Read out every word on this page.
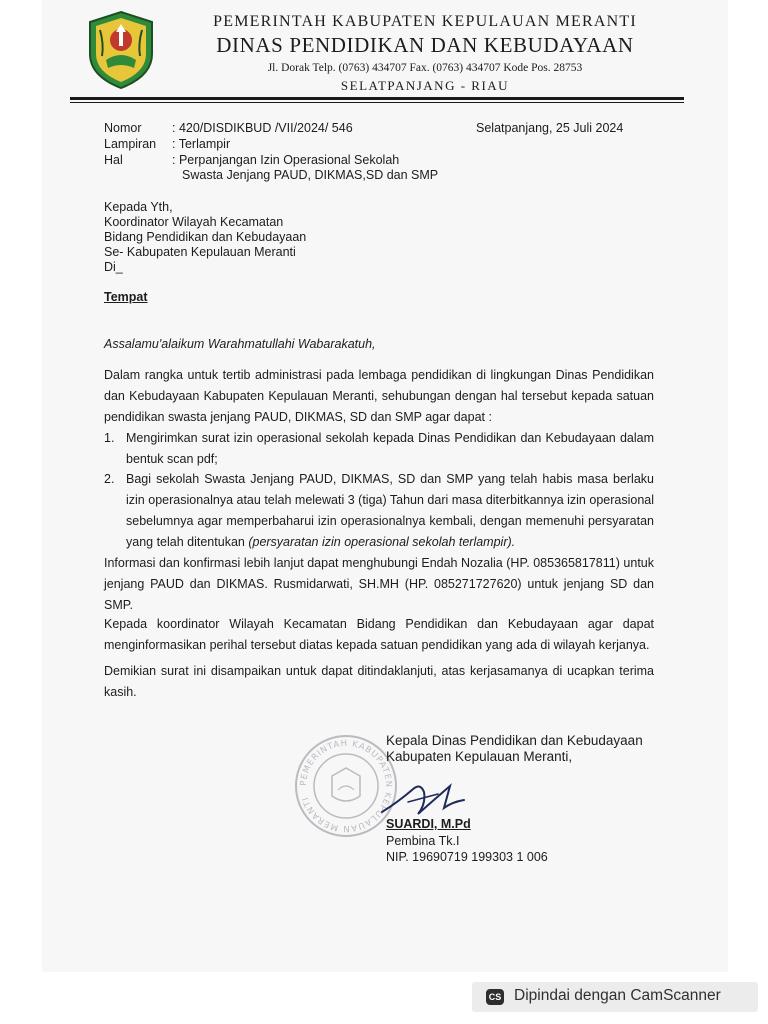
PEMERINTAH KABUPATEN KEPULAUAN MERANTI
DINAS PENDIDIKAN DAN KEBUDAYAAN
Jl. Dorak Telp. (0763) 434707 Fax. (0763) 434707 Kode Pos. 28753
SELATPANJANG - RIAU
Nomor : 420/DISDIKBUD /VII/2024/ 546
Lampiran : Terlampir
Hal	: Perpanjangan Izin Operasional Sekolah
Swasta Jenjang PAUD, DIKMAS,SD dan SMP
Selatpanjang, 25 Juli 2024
Kepada Yth,
Koordinator Wilayah Kecamatan
Bidang Pendidikan dan Kebudayaan
Se- Kabupaten Kepulauan Meranti
Di_
Tempat
Assalamu'alaikum Warahmatullahi Wabarakatuh,
Dalam rangka untuk tertib administrasi pada lembaga pendidikan di lingkungan Dinas Pendidikan dan Kebudayaan Kabupaten Kepulauan Meranti, sehubungan dengan hal tersebut kepada satuan pendidikan swasta jenjang PAUD, DIKMAS, SD dan SMP agar dapat :
1. Mengirimkan surat izin operasional sekolah kepada Dinas Pendidikan dan Kebudayaan dalam bentuk scan pdf;
2. Bagi sekolah Swasta Jenjang PAUD, DIKMAS, SD dan SMP yang telah habis masa berlaku izin operasionalnya atau telah melewati 3 (tiga) Tahun dari masa diterbitkannya izin operasional sebelumnya agar memperbaharui izin operasionalnya kembali, dengan memenuhi persyaratan yang telah ditentukan (persyaratan izin operasional sekolah terlampir).
Informasi dan konfirmasi lebih lanjut dapat menghubungi Endah Nozalia (HP. 085365817811) untuk jenjang PAUD dan DIKMAS. Rusmidarwati, SH.MH (HP. 085271727620) untuk jenjang SD dan SMP.
Kepada koordinator Wilayah Kecamatan Bidang Pendidikan dan Kebudayaan agar dapat menginformasikan perihal tersebut diatas kepada satuan pendidikan yang ada di wilayah kerjanya.
Demikian surat ini disampaikan untuk dapat ditindaklanjuti, atas kerjasamanya di ucapkan terima kasih.
PEMERINTAH KABUPATEN KEPULAUAN MERANTI
Kepala Dinas Pendidikan dan Kebudayaan
Kabupaten Kepulauan Meranti,
SUARDI, M.Pd
Pembina Tk.I
NIP. 19690719 199303 1 006
CS Dipindai dengan CamScanner
